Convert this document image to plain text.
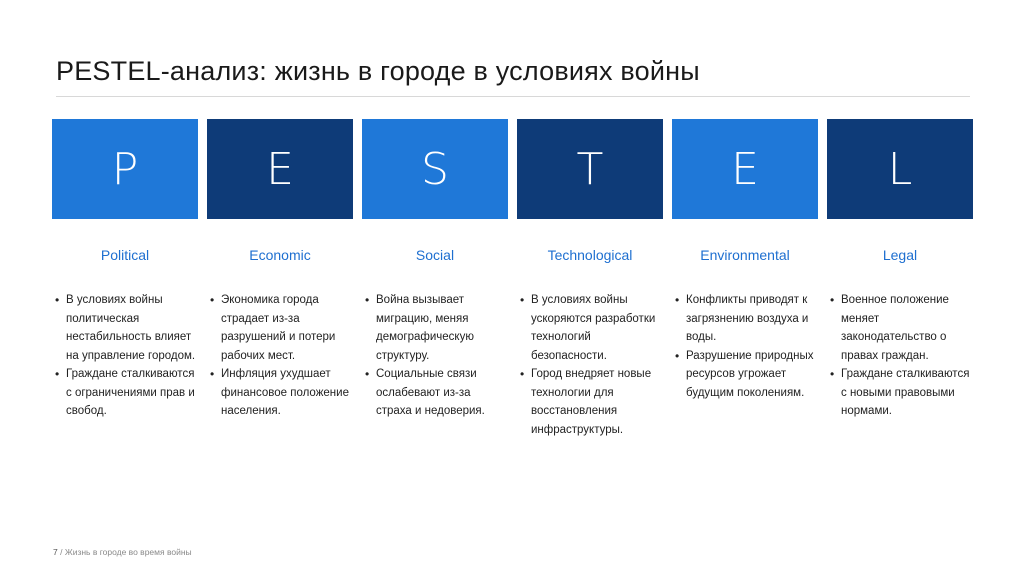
PESTEL-анализ: жизнь в городе в условиях войны
P	E	S	T	E	L
Political
• В условиях войны политическая нестабильность влияет на управление городом.
• Граждане сталкиваются с ограничениями прав и свобод.
Economic
• Экономика города страдает из-за разрушений и потери рабочих мест.
• Инфляция ухудшает финансовое положение населения.
Social
• Война вызывает миграцию, меняя демографическую структуру.
• Социальные связи ослабевают из-за страха и недоверия.
Technological
• В условиях войны ускоряются разработки технологий безопасности.
• Город внедряет новые технологии для восстановления инфраструктуры.
Environmental
• Конфликты приводят к загрязнению воздуха и воды.
• Разрушение природных ресурсов угрожает будущим поколениям.
Legal
• Военное положение меняет законодательство о правах граждан.
• Граждане сталкиваются с новыми правовыми нормами.
7 / Жизнь в городе во время войны
